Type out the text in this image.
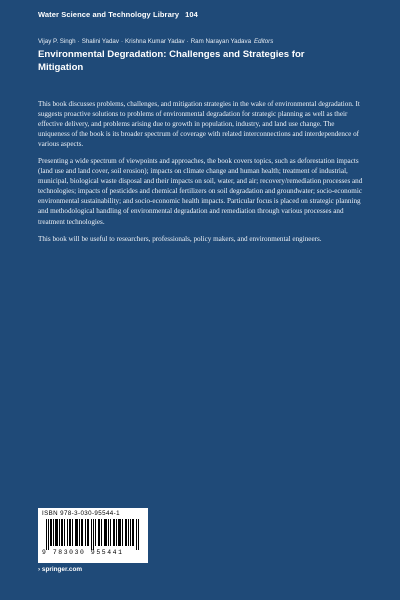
Water Science and Technology Library 104
Vijay P. Singh · Shalini Yadav · Krishna Kumar Yadav · Ram Narayan Yadava Editors
Environmental Degradation: Challenges and Strategies for Mitigation

This book discusses problems, challenges, and mitigation strategies in the wake of environmental degradation. It suggests proactive solutions to problems of environmental degradation for strategic planning as well as their effective delivery, and problems arising due to growth in population, industry, and land use change. The uniqueness of the book is its broader spectrum of coverage with related interconnections and interdependence of various aspects.

Presenting a wide spectrum of viewpoints and approaches, the book covers topics, such as deforestation impacts (land use and land cover, soil erosion); impacts on climate change and human health; treatment of industrial, municipal, biological waste disposal and their impacts on soil, water, and air; recovery/remediation processes and technologies; impacts of pesticides and chemical fertilizers on soil degradation and groundwater; socio-economic environmental sustainability; and socio-economic health impacts. Particular focus is placed on strategic planning and methodological handling of environmental degradation and remediation through various processes and treatment technologies.

This book will be useful to researchers, professionals, policy makers, and environmental engineers.

ISBN 978-3-030-95544-1
9 783030 955441
› springer.com
